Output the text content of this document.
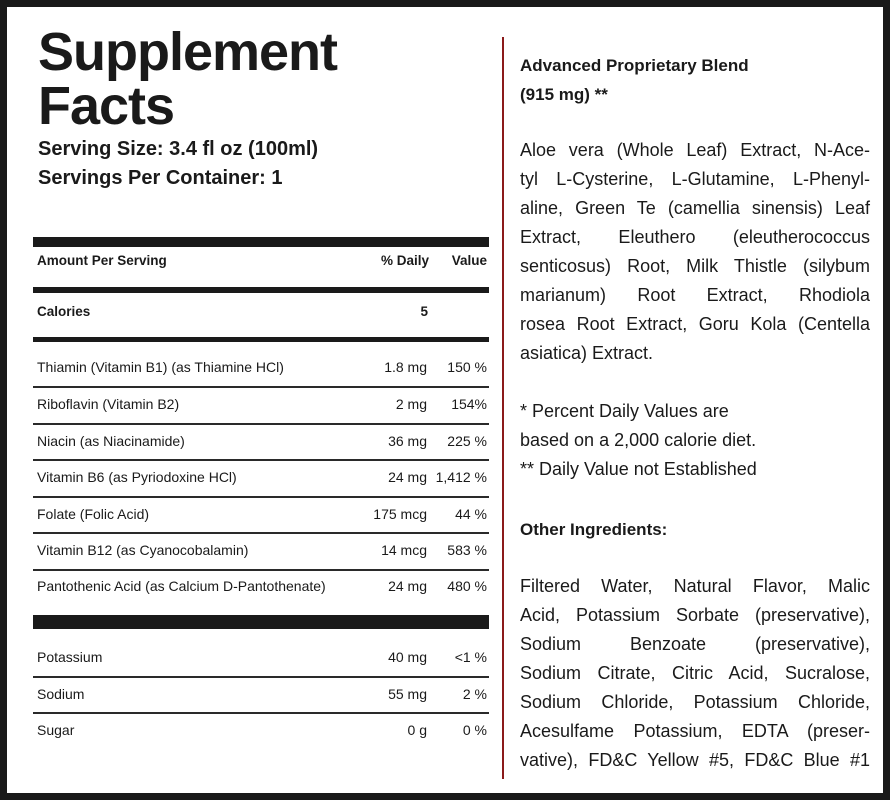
Supplement
Facts
Serving Size: 3.4 fl oz (100ml)
Servings Per Container: 1
Amount Per Serving	% Daily Value
Calories	5
Thiamin (Vitamin B1) (as Thiamine HCl)	1.8 mg 150 %
Riboflavin (Vitamin B2)	2 mg 154%
Niacin (as Niacinamide)	36 mg 225 %
Vitamin B6 (as Pyriodoxine HCl)	24 mg 1,412 %
Folate (Folic Acid)	175 mcg 44 %
Vitamin B12 (as Cyanocobalamin)	14 mcg 583 %
Pantothenic Acid (as Calcium D-Pantothenate)	24 mg 480 %
Potassium	40 mg <1 %
Sodium	55 mg	2 %
Sugar	0 g	0 %
Advanced Proprietary Blend
(915 mg) **
Aloe vera (Whole Leaf) Extract, N-Ace-
tyl L-Cysterine, L-Glutamine, L-Phenyl-
aline, Green Te (camellia sinensis) Leaf
Extract, Eleuthero (eleutherococcus
senticosus) Root, Milk Thistle (silybum
marianum) Root Extract, Rhodiola
rosea Root Extract, Goru Kola (Centella
asiatica) Extract.
* Percent Daily Values are
based on a 2,000 calorie diet.
** Daily Value not Established
Other Ingredients:
Filtered Water, Natural Flavor, Malic
Acid, Potassium Sorbate (preservative),
Sodium Benzoate (preservative),
Sodium Citrate, Citric Acid, Sucralose,
Sodium Chloride, Potassium Chloride,
Acesulfame Potassium, EDTA (preser-
vative), FD&C Yellow #5, FD&C Blue #1
